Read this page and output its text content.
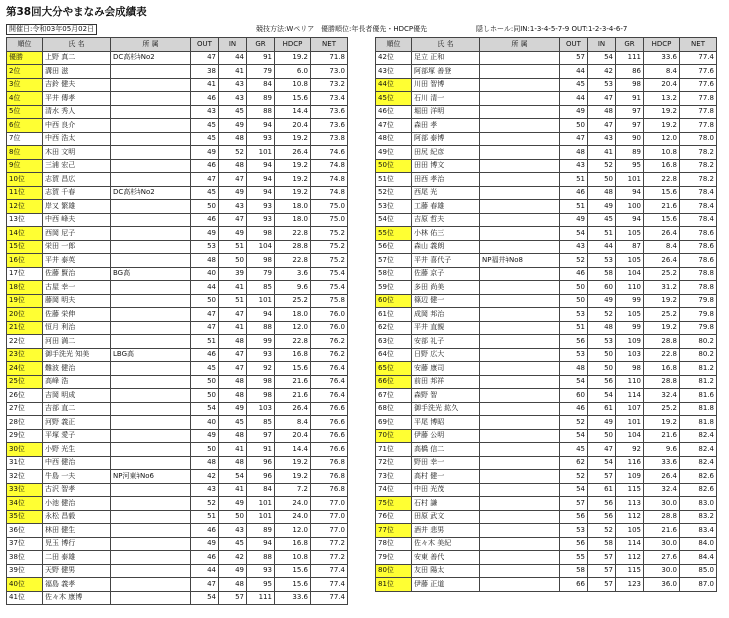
第38回大分やまなみ会成績表
開催日:令和03年05月02日	競技方法:Wペリア 優勝順位:年長者優先・HDCP優先	隠しホール:同IN:1-3-4-5-7-9 OUT:1-2-3-4-6-7
順位	氏 名	所 属	OUT	IN	GR	HDCP	NET
優勝	上野 真二	DC高杉ｷNo2	47	44	91	19.2	71.8
2位	溝田 滋		38	41	79	6.0	73.0
3位	吉鈴 健夫		41	43	84	10.8	73.2
4位	平井 傳孝		46	43	89	15.6	73.4
5位	清水 秀人		43	45	88	14.4	73.6
6位	中西 良介		45	49	94	20.4	73.6
7位	中西 浩太		45	48	93	19.2	73.8
8位	木田 文明		49	52	101	26.4	74.6
9位	三浦 宏己		46	48	94	19.2	74.8
10位	志賀 昌広		47	47	94	19.2	74.8
11位	志賀 千春	DC高杉ｷNo2	45	49	94	19.2	74.8
12位	岸又 繁雄		50	43	93	18.0	75.0
13位	中西 峰夫		46	47	93	18.0	75.0
14位	西岡 尼子		49	49	98	22.8	75.2
15位	栄田 一郎		53	51	104	28.8	75.2
16位	平井 泰英		48	50	98	22.8	75.2
17位	佐藤 賢治	BG高	40	39	79	3.6	75.4
18位	古屋 幸一		44	41	85	9.6	75.4
19位	藤岡 明夫		50	51	101	25.2	75.8
20位	佐藤 栄伸		47	47	94	18.0	76.0
21位	恒月 利治		47	41	88	12.0	76.0
22位	河田 満二		51	48	99	22.8	76.2
23位	御手洗光 知美	LBG高	46	47	93	16.8	76.2
24位	難波 健治		45	47	92	15.6	76.4
25位	高峰 浩		50	48	98	21.6	76.4
26位	吉岡 明成		50	48	98	21.6	76.4
27位	吉部 直二		54	49	103	26.4	76.6
28位	河野 義正		40	45	85	8.4	76.6
29位	平塚 愛子		49	48	97	20.4	76.6
30位	小野 光生		50	41	91	14.4	76.6
31位	中西 健治		48	48	96	19.2	76.8
32位	牛島 一夫	NP河東ｷNo6	42	54	96	19.2	76.8
33位	古沢 智孝		43	41	84	7.2	76.8
34位	小池 健治		52	49	101	24.0	77.0
35位	永松 昌毅		51	50	101	24.0	77.0
36位	林田 健生		46	43	89	12.0	77.0
37位	児玉 博行		49	45	94	16.8	77.2
38位	二田 泰雄		46	42	88	10.8	77.2
39位	天野 健男		44	49	93	15.6	77.4
40位	福島 義孝		47	48	95	15.6	77.4
41位	佐々木 康博		54	57	111	33.6	77.4
順位	氏 名	所 属	OUT	IN	GR	HDCP	NET
42位	足立 正和		57	54	111	33.6	77.4
43位	阿部塚 善登		44	42	86	8.4	77.6
44位	川田 智博		45	53	98	20.4	77.6
45位	石川 清一		44	47	91	13.2	77.8
46位	堀田 洋明		49	48	97	19.2	77.8
47位	森田 孝		50	47	97	19.2	77.8
48位	阿部 泰博		47	43	90	12.0	78.0
49位	田尻 紀彦		48	41	89	10.8	78.2
50位	田田 博文		43	52	95	16.8	78.2
51位	田西 孝治		51	50	101	22.8	78.2
52位	西尾 光		46	48	94	15.6	78.4
53位	工藤 春雄		51	49	100	21.6	78.4
54位	吉原 哲夫		49	45	94	15.6	78.4
55位	小林 佑三		54	51	105	26.4	78.6
56位	森山 義朗		43	44	87	8.4	78.6
57位	平井 喜代子	NP福井ｷNo8	52	53	105	26.4	78.6
58位	佐藤 京子		46	58	104	25.2	78.8
59位	多田 尚美		50	60	110	31.2	78.8
60位	篠辺 健一		50	49	99	19.2	79.8
61位	成岡 邦治		53	52	105	25.2	79.8
62位	平井 直親		51	48	99	19.2	79.8
63位	安部 礼子		56	53	109	28.8	80.2
64位	日野 広大		53	50	103	22.8	80.2
65位	安藤 康司		48	50	98	16.8	81.2
66位	前田 邦祥		54	56	110	28.8	81.2
67位	森野 智		60	54	114	32.4	81.6
68位	御手洗光 紘久		46	61	107	25.2	81.8
69位	平尾 博昭		52	49	101	19.2	81.8
70位	伊藤 公明		54	50	104	21.6	82.4
71位	高橋 信二		45	47	92	9.6	82.4
72位	野田 幸一		62	54	116	33.6	82.4
73位	高村 健一		52	57	109	26.4	82.6
74位	中田 光茂		54	61	115	32.4	82.6
75位	石村 謙		57	56	113	30.0	83.0
76位	田原 武文		56	56	112	28.8	83.2
77位	酒井 悲男		53	52	105	21.6	83.4
78位	佐々木 美紀		56	58	114	30.0	84.0
79位	安東 善代		55	57	112	27.6	84.4
80位	友田 陽太		58	57	115	30.0	85.0
81位	伊藤 正道		66	57	123	36.0	87.0
